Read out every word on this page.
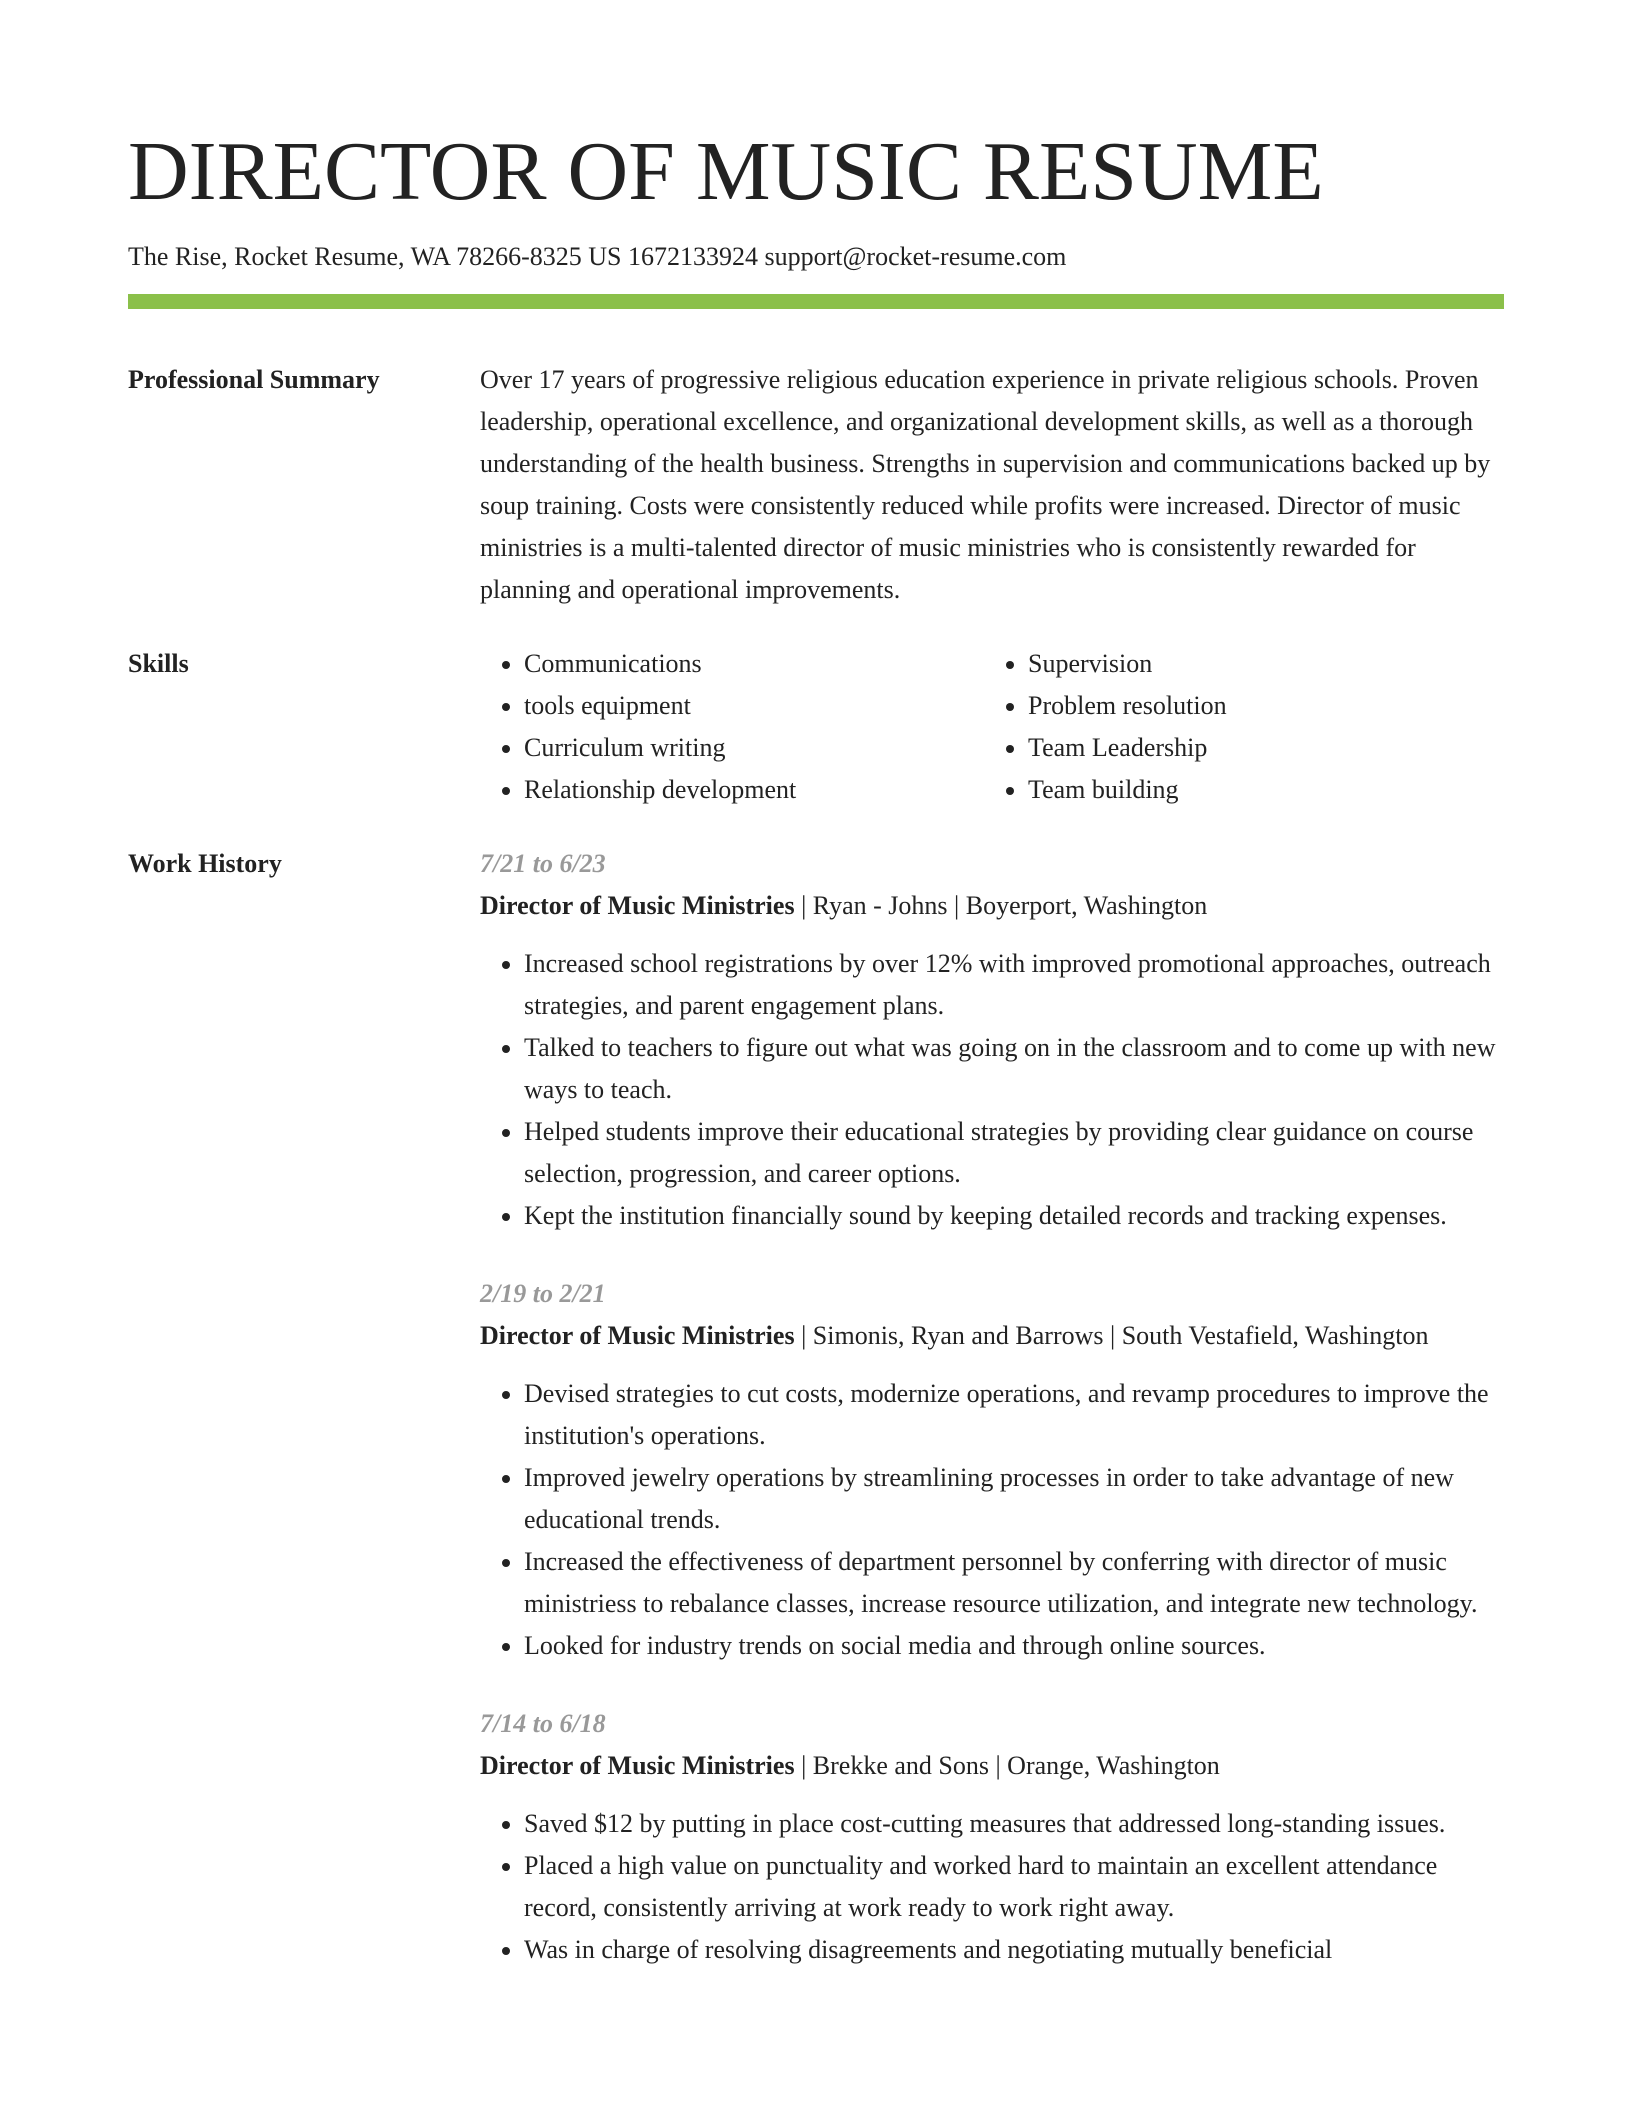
DIRECTOR OF MUSIC RESUME
The Rise, Rocket Resume, WA 78266-8325 US 1672133924 support@rocket-resume.com
Professional Summary	Over 17 years of progressive religious education experience in private religious schools. Proven leadership, operational excellence, and organizational development skills, as well as a thorough understanding of the health business. Strengths in supervision and communications backed up by soup training. Costs were consistently reduced while profits were increased. Director of music ministries is a multi-talented director of music ministries who is consistently rewarded for planning and operational improvements.

Skills
•	Communications
• tools equipment
• Curriculum writing
• Relationship development
• Supervision
• Problem resolution
• Team Leadership
• Team building
Work History	7/21 to 6/23
Director of Music Ministries | Ryan - Johns | Boyerport, Washington
• Increased school registrations by over 12% with improved promotional approaches, outreach strategies, and parent engagement plans.
• Talked to teachers to figure out what was going on in the classroom and to come up with new ways to teach.
• Helped students improve their educational strategies by providing clear guidance on course selection, progression, and career options.
• Kept the institution financially sound by keeping detailed records and tracking expenses.
2/19 to 2/21
Director of Music Ministries | Simonis, Ryan and Barrows | South Vestafield, Washington
• Devised strategies to cut costs, modernize operations, and revamp procedures to improve the institution's operations.
• Improved jewelry operations by streamlining processes in order to take advantage of new educational trends.
• Increased the effectiveness of department personnel by conferring with director of music ministriess to rebalance classes, increase resource utilization, and integrate new technology.
• Looked for industry trends on social media and through online sources.
7/14 to 6/18
Director of Music Ministries | Brekke and Sons | Orange, Washington
• Saved $12 by putting in place cost-cutting measures that addressed long-standing issues.
• Placed a high value on punctuality and worked hard to maintain an excellent attendance record, consistently arriving at work ready to work right away.
• Was in charge of resolving disagreements and negotiating mutually beneficial
